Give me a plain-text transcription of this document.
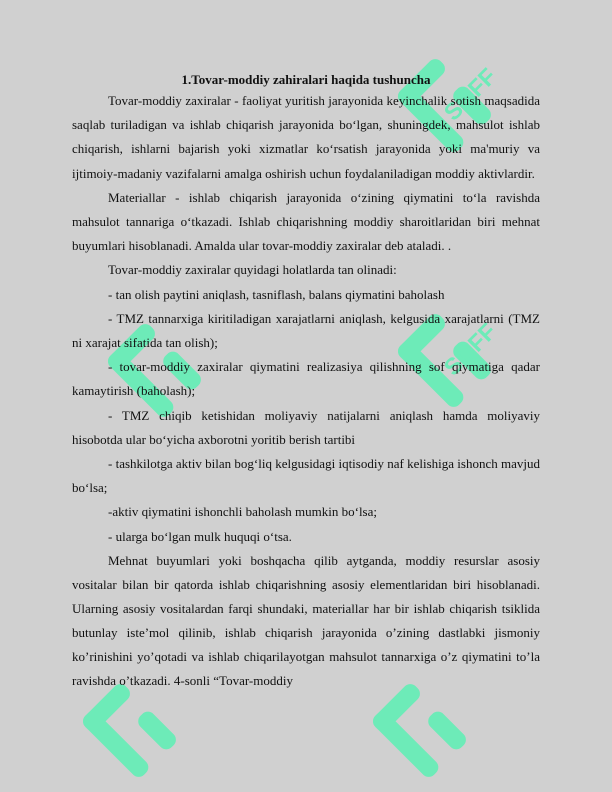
SOFF
SOFF
1.Tovar-moddiy zahiralari haqida tushuncha

Tovar-moddiy zaxiralar - faoliyat yuritish jarayonida keyinchalik sotish maqsadida saqlab turiladigan va ishlab chiqarish jarayonida bo‘lgan, shuningdek, mahsulot ishlab chiqarish, ishlarni bajarish yoki xizmatlar ko‘rsatish jarayonida yoki ma'muriy va ijtimoiy-madaniy vazifalarni amalga oshirish uchun foydalaniladigan moddiy aktivlardir.

Materiallar - ishlab chiqarish jarayonida o‘zining qiymatini to‘la ravishda mahsulot tannariga o‘tkazadi. Ishlab chiqarishning moddiy sharoitlaridan biri mehnat buyumlari hisoblanadi. Amalda ular tovar-moddiy zaxiralar deb ataladi. .

Tovar-moddiy zaxiralar quyidagi holatlarda tan olinadi:

- tan olish paytini aniqlash, tasniflash, balans qiymatini baholash

- TMZ tannarxiga kiritiladigan xarajatlarni aniqlash, kelgusida xarajatlarni (TMZ ni xarajat sifatida tan olish);

- tovar-moddiy zaxiralar qiymatini realizasiya qilishning sof qiymatiga qadar kamaytirish (baholash);

- TMZ chiqib ketishidan moliyaviy natijalarni aniqlash hamda moliyaviy hisobotda ular bo‘yicha axborotni yoritib berish tartibi

- tashkilotga aktiv bilan bog‘liq kelgusidagi iqtisodiy naf kelishiga ishonch mavjud bo‘lsa;

-aktiv qiymatini ishonchli baholash mumkin bo‘lsa;

- ularga bo‘lgan mulk huquqi o‘tsa.

Mehnat buyumlari yoki boshqacha qilib aytganda, moddiy resurslar asosiy vositalar bilan bir qatorda ishlab chiqarishning asosiy elementlaridan biri hisoblanadi. Ularning asosiy vositalardan farqi shundaki, materiallar har bir ishlab chiqarish tsiklida butunlay iste’mol qilinib, ishlab chiqarish jarayonida o’zining dastlabki jismoniy ko’rinishini yo’qotadi va ishlab chiqarilayotgan mahsulot tannarxiga o’z qiymatini to’la ravishda o’tkazadi. 4-sonli “Tovar-moddiy
